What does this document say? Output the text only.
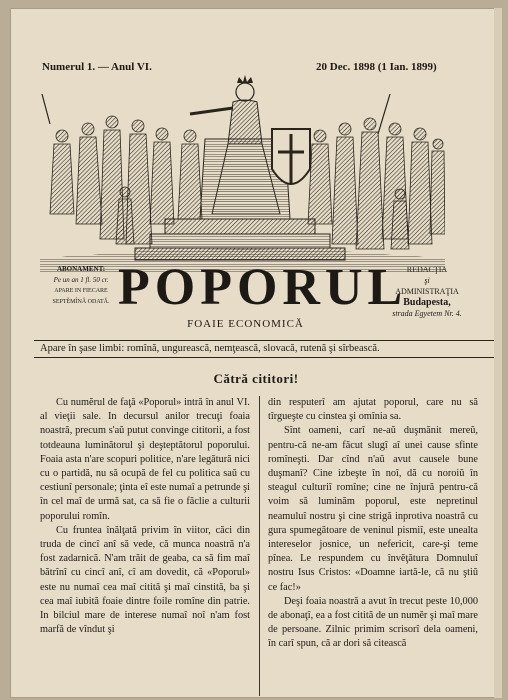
Numerul 1. — Anul VI.	20 Dec. 1898 (1 Ian. 1899)
ABONAMENT:
Pe un an 1 fl. 50 cr.
APARE IN FIECARE
SEPTĚMÎNĂ ODATĂ. POPORUL
FOAIE ECONOMICĂ
REDACŢIA
şi
ADMINISTRAŢIA
Budapesta,
strada Egyetem Nr. 4.
Apare în şase limbi: romînă, ungurească, nemţească, slovacă, rutenă şi sîrbească.
Cătră cititori!

Cu numĕrul de faţă «Poporul» intră în anul VI. al vieţii sale. In decursul anilor trecuţi foaia noastră, precum s'aŭ putut convinge cititorii, a fost totdeauna luminătorul şi deşteptătorul poporului. Foaia asta n'are scopuri politice, n'are legătură nici cu o partidă, nu să ocupă de fel cu politica saŭ cu cestiunî personale; ţinta eî este numaî a petrunde şi în cel maî de urmă sat, ca să fie o făclie a culturii poporului romîn.

Cu fruntea înălţată privim în viitor, căci din truda de cincî anî să vede, că munca noastră n'a fost zadarnică. N'am trăit de geaba, ca să fim maî bătrînî cu cincî anî, cî am dovedit, că «Poporul» este nu numaî cea maî citită şi maî cinstită, ba şi cea maî iubită foaie dintre foile romîne din patrie. In bilciul mare de interese numaî noî n'am fost marfă de vîndut şi

din resputerî am ajutat poporul, care nu să tîrgueşte cu cinstea şi omînia sa.

Sînt oameni, carî ne-aŭ duşmănit mereŭ, pentru-că ne-am făcut slugî aî unei cause sfinte romîneşti. Dar cînd n'aŭ avut causele bune duşmanî? Cine izbeşte în noî, dă cu noroiŭ în steagul culturiî romîne; cine ne înjură pentru-că voim să luminăm poporul, este nepretinul neamuluî nostru şi cine strigă inprotiva noastră cu gura spumegătoare de veninul pismiî, este unealta intereselor josnice, un nefericit, care-şi teme pînea. Le respundem cu învĕţătura Domnuluî nostru Isus Cristos: «Doamne iartă-le, că nu ştiŭ ce fac!»

Deşi foaia noastră a avut în trecut peste 10,000 de abonaţî, ea a fost citită de un numĕr şi maî mare de persoane. Zilnic primim scrisorî dela oameni, în carî spun, că ar dori să citească
